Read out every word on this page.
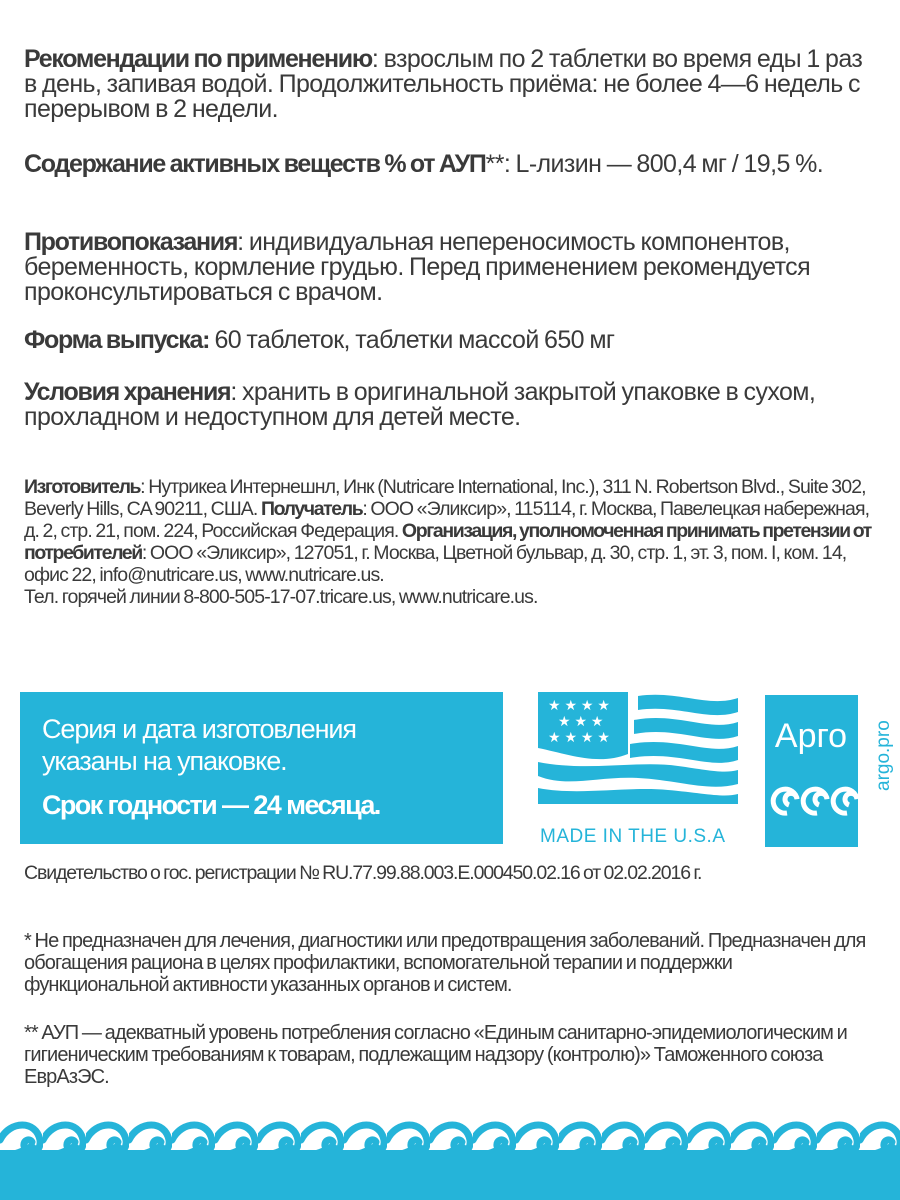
Рекомендации по применению: взрослым по 2 таблетки во время еды 1 раз в день, запивая водой. Продолжительность приёма: не более 4—6 недель с перерывом в 2 недели.

Содержание активных веществ % от АУП**: L-лизин — 800,4 мг / 19,5 %.

Противопоказания: индивидуальная непереносимость компонентов, беременность, кормление грудью. Перед применением рекомендуется проконсультироваться с врачом.

Форма выпуска: 60 таблеток, таблетки массой 650 мг

Условия хранения: хранить в оригинальной закрытой упаковке в сухом, прохладном и недоступном для детей месте.

Изготовитель: Нутрикеа Интернешнл, Инк (Nutricare International, Inc.), 311 N. Robertson Blvd., Suite 302, Beverly Hills, CA 90211, США. Получатель: ООО «Эликсир», 115114, г. Москва, Павелецкая набережная, д. 2, стр. 21, пом. 224, Российская Федерация. Организация, уполномоченная принимать претензии от потребителей: ООО «Эликсир», 127051, г. Москва, Цветной бульвар, д. 30, стр. 1, эт. 3, пом. I, ком. 14, офис 22, info@nutricare.us, www.nutricare.us.
Тел. горячей линии 8-800-505-17-07.tricare.us, www.nutricare.us.

Серия и дата изготовления
указаны на упаковке.
Срок годности — 24 месяца.
★ ★ ★ ★
★ ★ ★
★ ★ ★ ★
MADE IN THE U.S.A
Арго argo.pro
Свидетельство о гос. регистрации № RU.77.99.88.003.Е.000450.02.16 от 02.02.2016 г.

* Не предназначен для лечения, диагностики или предотвращения заболеваний. Предназначен для обогащения рациона в целях профилактики, вспомогательной терапии и поддержки функциональной активности указанных органов и систем.

** АУП — адекватный уровень потребления согласно «Единым санитарно-эпидемиологическим и гигиеническим требованиям к товарам, подлежащим надзору (контролю)» Таможенного союза ЕврАзЭС.
